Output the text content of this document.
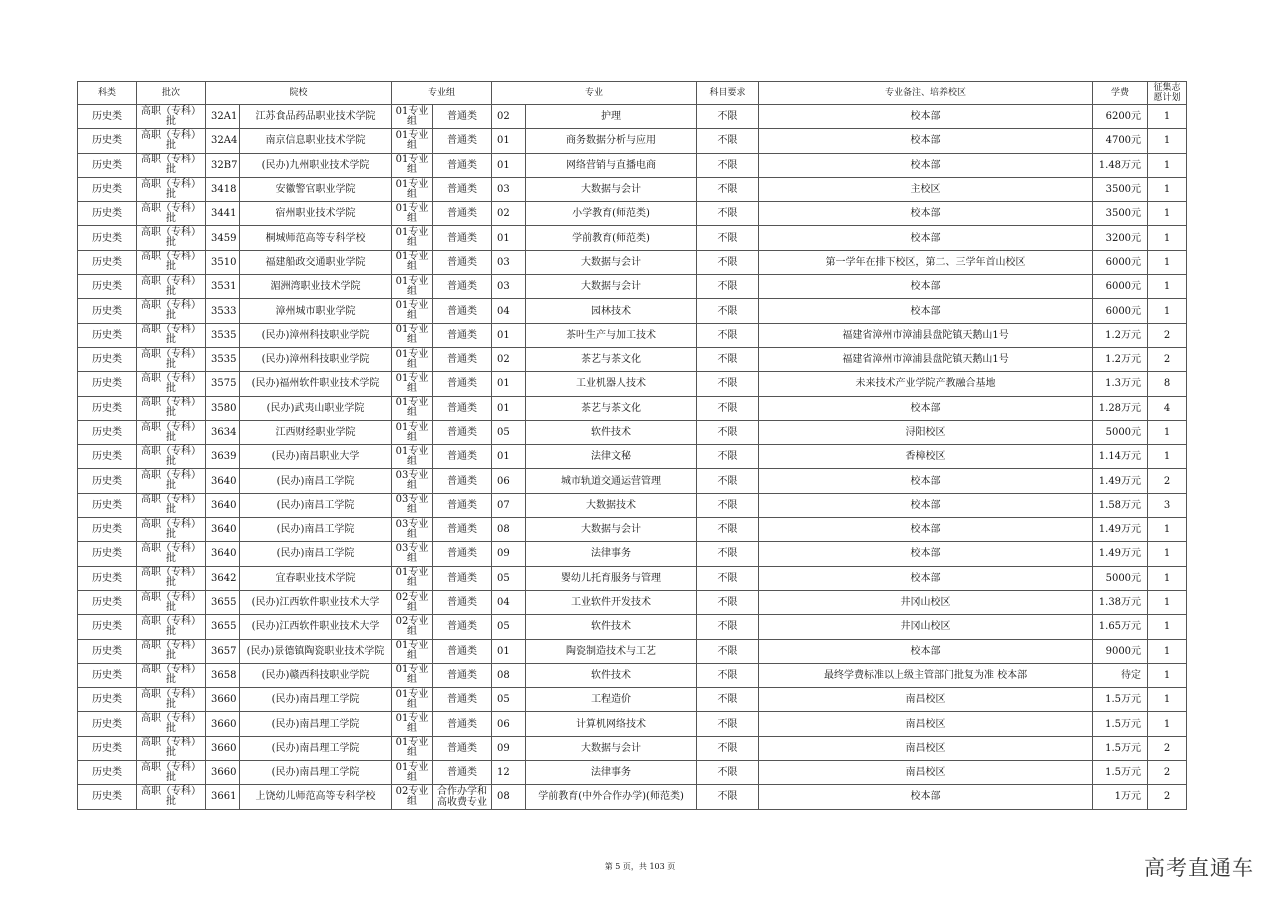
科类	批次	院校		专业组		专业		科目要求	专业备注、培养校区	学费	征集志愿计划
历史类	高职（专科）批	32A1	江苏食品药品职业技术学院	01专业组	普通类	02	护理	不限	校本部	6200元	1
历史类	高职（专科）批	32A4	南京信息职业技术学院	01专业组	普通类	01	商务数据分析与应用	不限	校本部	4700元	1
历史类	高职（专科）批	32B7	(民办)九州职业技术学院	01专业组	普通类	01	网络营销与直播电商	不限	校本部	1.48万元	1
历史类	高职（专科）批	3418	安徽警官职业学院	01专业组	普通类	03	大数据与会计	不限	主校区	3500元	1
历史类	高职（专科）批	3441	宿州职业技术学院	01专业组	普通类	02	小学教育(师范类)	不限	校本部	3500元	1
历史类	高职（专科）批	3459	桐城师范高等专科学校	01专业组	普通类	01	学前教育(师范类)	不限	校本部	3200元	1
历史类	高职（专科）批	3510	福建船政交通职业学院	01专业组	普通类	03	大数据与会计	不限	第一学年在排下校区，第二、三学年首山校区	6000元	1
历史类	高职（专科）批	3531	湄洲湾职业技术学院	01专业组	普通类	03	大数据与会计	不限	校本部	6000元	1
历史类	高职（专科）批	3533	漳州城市职业学院	01专业组	普通类	04	园林技术	不限	校本部	6000元	1
历史类	高职（专科）批	3535	(民办)漳州科技职业学院	01专业组	普通类	01	茶叶生产与加工技术	不限	福建省漳州市漳浦县盘陀镇天鹅山1号	1.2万元	2
历史类	高职（专科）批	3535	(民办)漳州科技职业学院	01专业组	普通类	02	茶艺与茶文化	不限	福建省漳州市漳浦县盘陀镇天鹅山1号	1.2万元	2
历史类	高职（专科）批	3575	(民办)福州软件职业技术学院	01专业组	普通类	01	工业机器人技术	不限	未来技术产业学院产教融合基地	1.3万元	8
历史类	高职（专科）批	3580	(民办)武夷山职业学院	01专业组	普通类	01	茶艺与茶文化	不限	校本部	1.28万元	4
历史类	高职（专科）批	3634	江西财经职业学院	01专业组	普通类	05	软件技术	不限	浔阳校区	5000元	1
历史类	高职（专科）批	3639	(民办)南昌职业大学	01专业组	普通类	01	法律文秘	不限	香樟校区	1.14万元	1
历史类	高职（专科）批	3640	(民办)南昌工学院	03专业组	普通类	06	城市轨道交通运营管理	不限	校本部	1.49万元	2
历史类	高职（专科）批	3640	(民办)南昌工学院	03专业组	普通类	07	大数据技术	不限	校本部	1.58万元	3
历史类	高职（专科）批	3640	(民办)南昌工学院	03专业组	普通类	08	大数据与会计	不限	校本部	1.49万元	1
历史类	高职（专科）批	3640	(民办)南昌工学院	03专业组	普通类	09	法律事务	不限	校本部	1.49万元	1
历史类	高职（专科）批	3642	宜春职业技术学院	01专业组	普通类	05	婴幼儿托育服务与管理	不限	校本部	5000元	1
历史类	高职（专科）批	3655	(民办)江西软件职业技术大学	02专业组	普通类	04	工业软件开发技术	不限	井冈山校区	1.38万元	1
历史类	高职（专科）批	3655	(民办)江西软件职业技术大学	02专业组	普通类	05	软件技术	不限	井冈山校区	1.65万元	1
历史类	高职（专科）批	3657	(民办)景德镇陶瓷职业技术学院	01专业组	普通类	01	陶瓷制造技术与工艺	不限	校本部	9000元	1
历史类	高职（专科）批	3658	(民办)赣西科技职业学院	01专业组	普通类	08	软件技术	不限	最终学费标准以上级主管部门批复为准 校本部	待定	1
历史类	高职（专科）批	3660	(民办)南昌理工学院	01专业组	普通类	05	工程造价	不限	南昌校区	1.5万元	1
历史类	高职（专科）批	3660	(民办)南昌理工学院	01专业组	普通类	06	计算机网络技术	不限	南昌校区	1.5万元	1
历史类	高职（专科）批	3660	(民办)南昌理工学院	01专业组	普通类	09	大数据与会计	不限	南昌校区	1.5万元	2
历史类	高职（专科）批	3660	(民办)南昌理工学院	01专业组	普通类	12	法律事务	不限	南昌校区	1.5万元	2
历史类	高职（专科）批	3661	上饶幼儿师范高等专科学校	02专业组	合作办学和高收费专业	08	学前教育(中外合作办学)(师范类)	不限	校本部	1万元	2
第 5 页，共 103 页	高考直通车
